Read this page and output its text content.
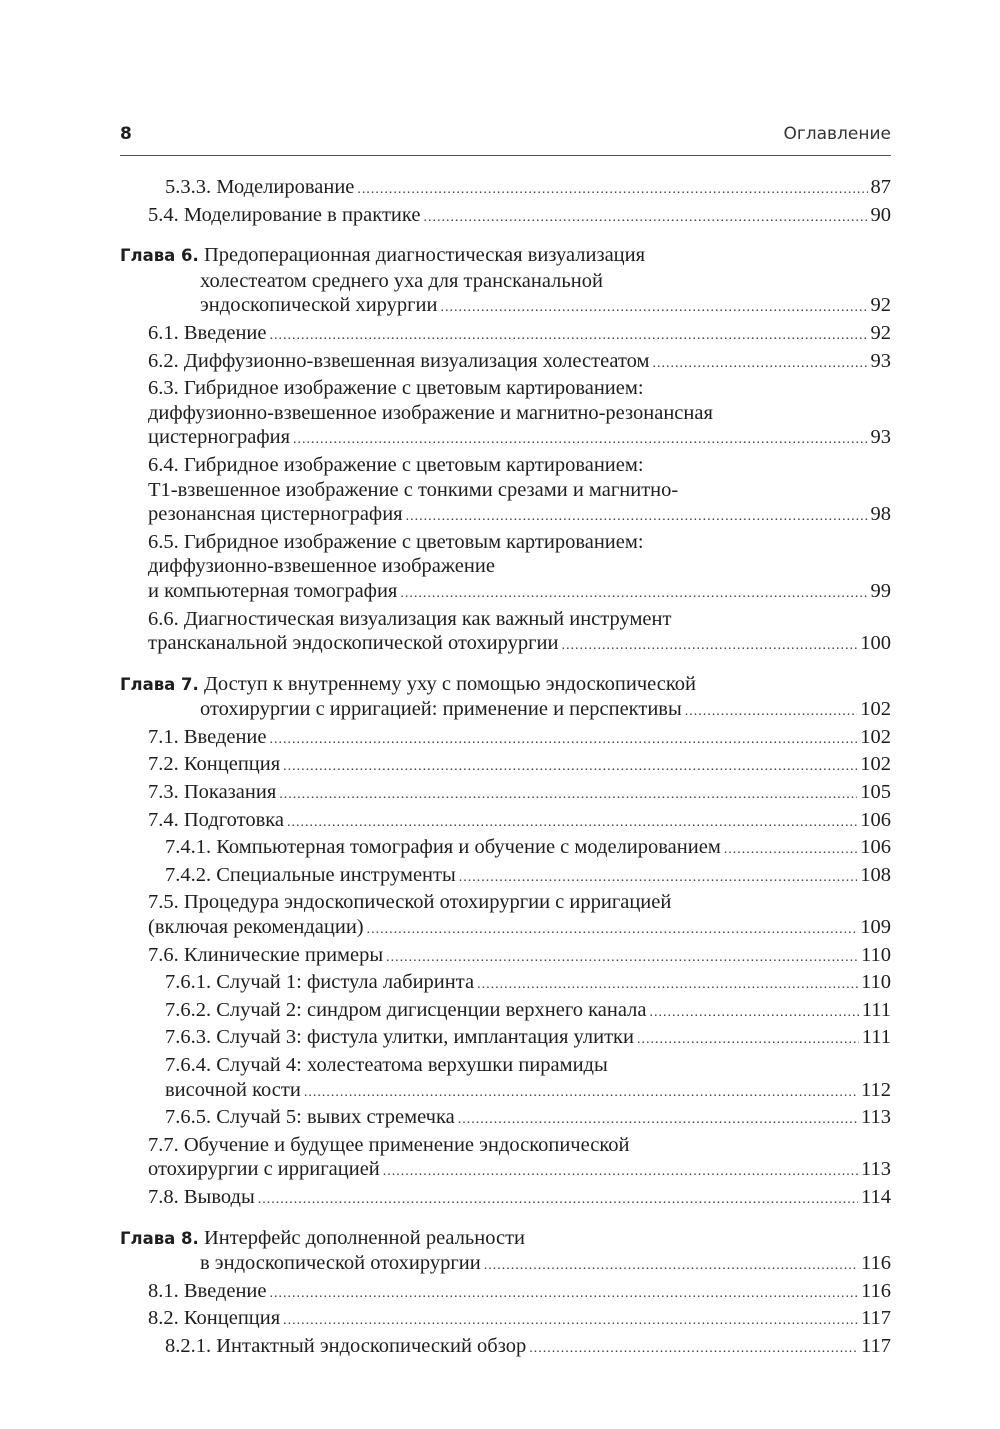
8	Оглавление
5.3.3. Моделирование .....	87
5.4. Моделирование в практике .....	90
Глава 6. Предоперационная диагностическая визуализация
холестеатом среднего уха для трансканальной
эндоскопической хирургии .....	92
6.1. Введение .....	92
6.2. Диффузионно-взвешенная визуализация холестеатом .....	93
6.3. Гибридное изображение с цветовым картированием:
диффузионно-взвешенное изображение и магнитно-резонансная
цистернография .....	93
6.4. Гибридное изображение с цветовым картированием:
Т1-взвешенное изображение с тонкими срезами и магнитно-
резонансная цистернография .....	98
6.5. Гибридное изображение с цветовым картированием:
диффузионно-взвешенное изображение
и компьютерная томография .....	99
6.6. Диагностическая визуализация как важный инструмент
трансканальной эндоскопической отохирургии .....	100
Глава 7. Доступ к внутреннему уху с помощью эндоскопической
отохирургии с ирригацией: применение и перспективы .....	102
7.1. Введение .....	102
7.2. Концепция .....	102
7.3. Показания .....	105
7.4. Подготовка .....	106
7.4.1. Компьютерная томография и обучение с моделированием .....	106
7.4.2. Специальные инструменты .....	108
7.5. Процедура эндоскопической отохирургии с ирригацией
(включая рекомендации) .....	109
7.6. Клинические примеры .....	110
7.6.1. Случай 1: фистула лабиринта .....	110
7.6.2. Случай 2: синдром дигисценции верхнего канала .....	111
7.6.3. Случай 3: фистула улитки, имплантация улитки .....	111
7.6.4. Случай 4: холестеатома верхушки пирамиды
височной кости .....	112
7.6.5. Случай 5: вывих стремечка .....	113
7.7. Обучение и будущее применение эндоскопической
отохирургии с ирригацией .....	113
7.8. Выводы .....	114
Глава 8. Интерфейс дополненной реальности
в эндоскопической отохирургии .....	116
8.1. Введение .....	116
8.2. Концепция .....	117
8.2.1. Интактный эндоскопический обзор .....	117
